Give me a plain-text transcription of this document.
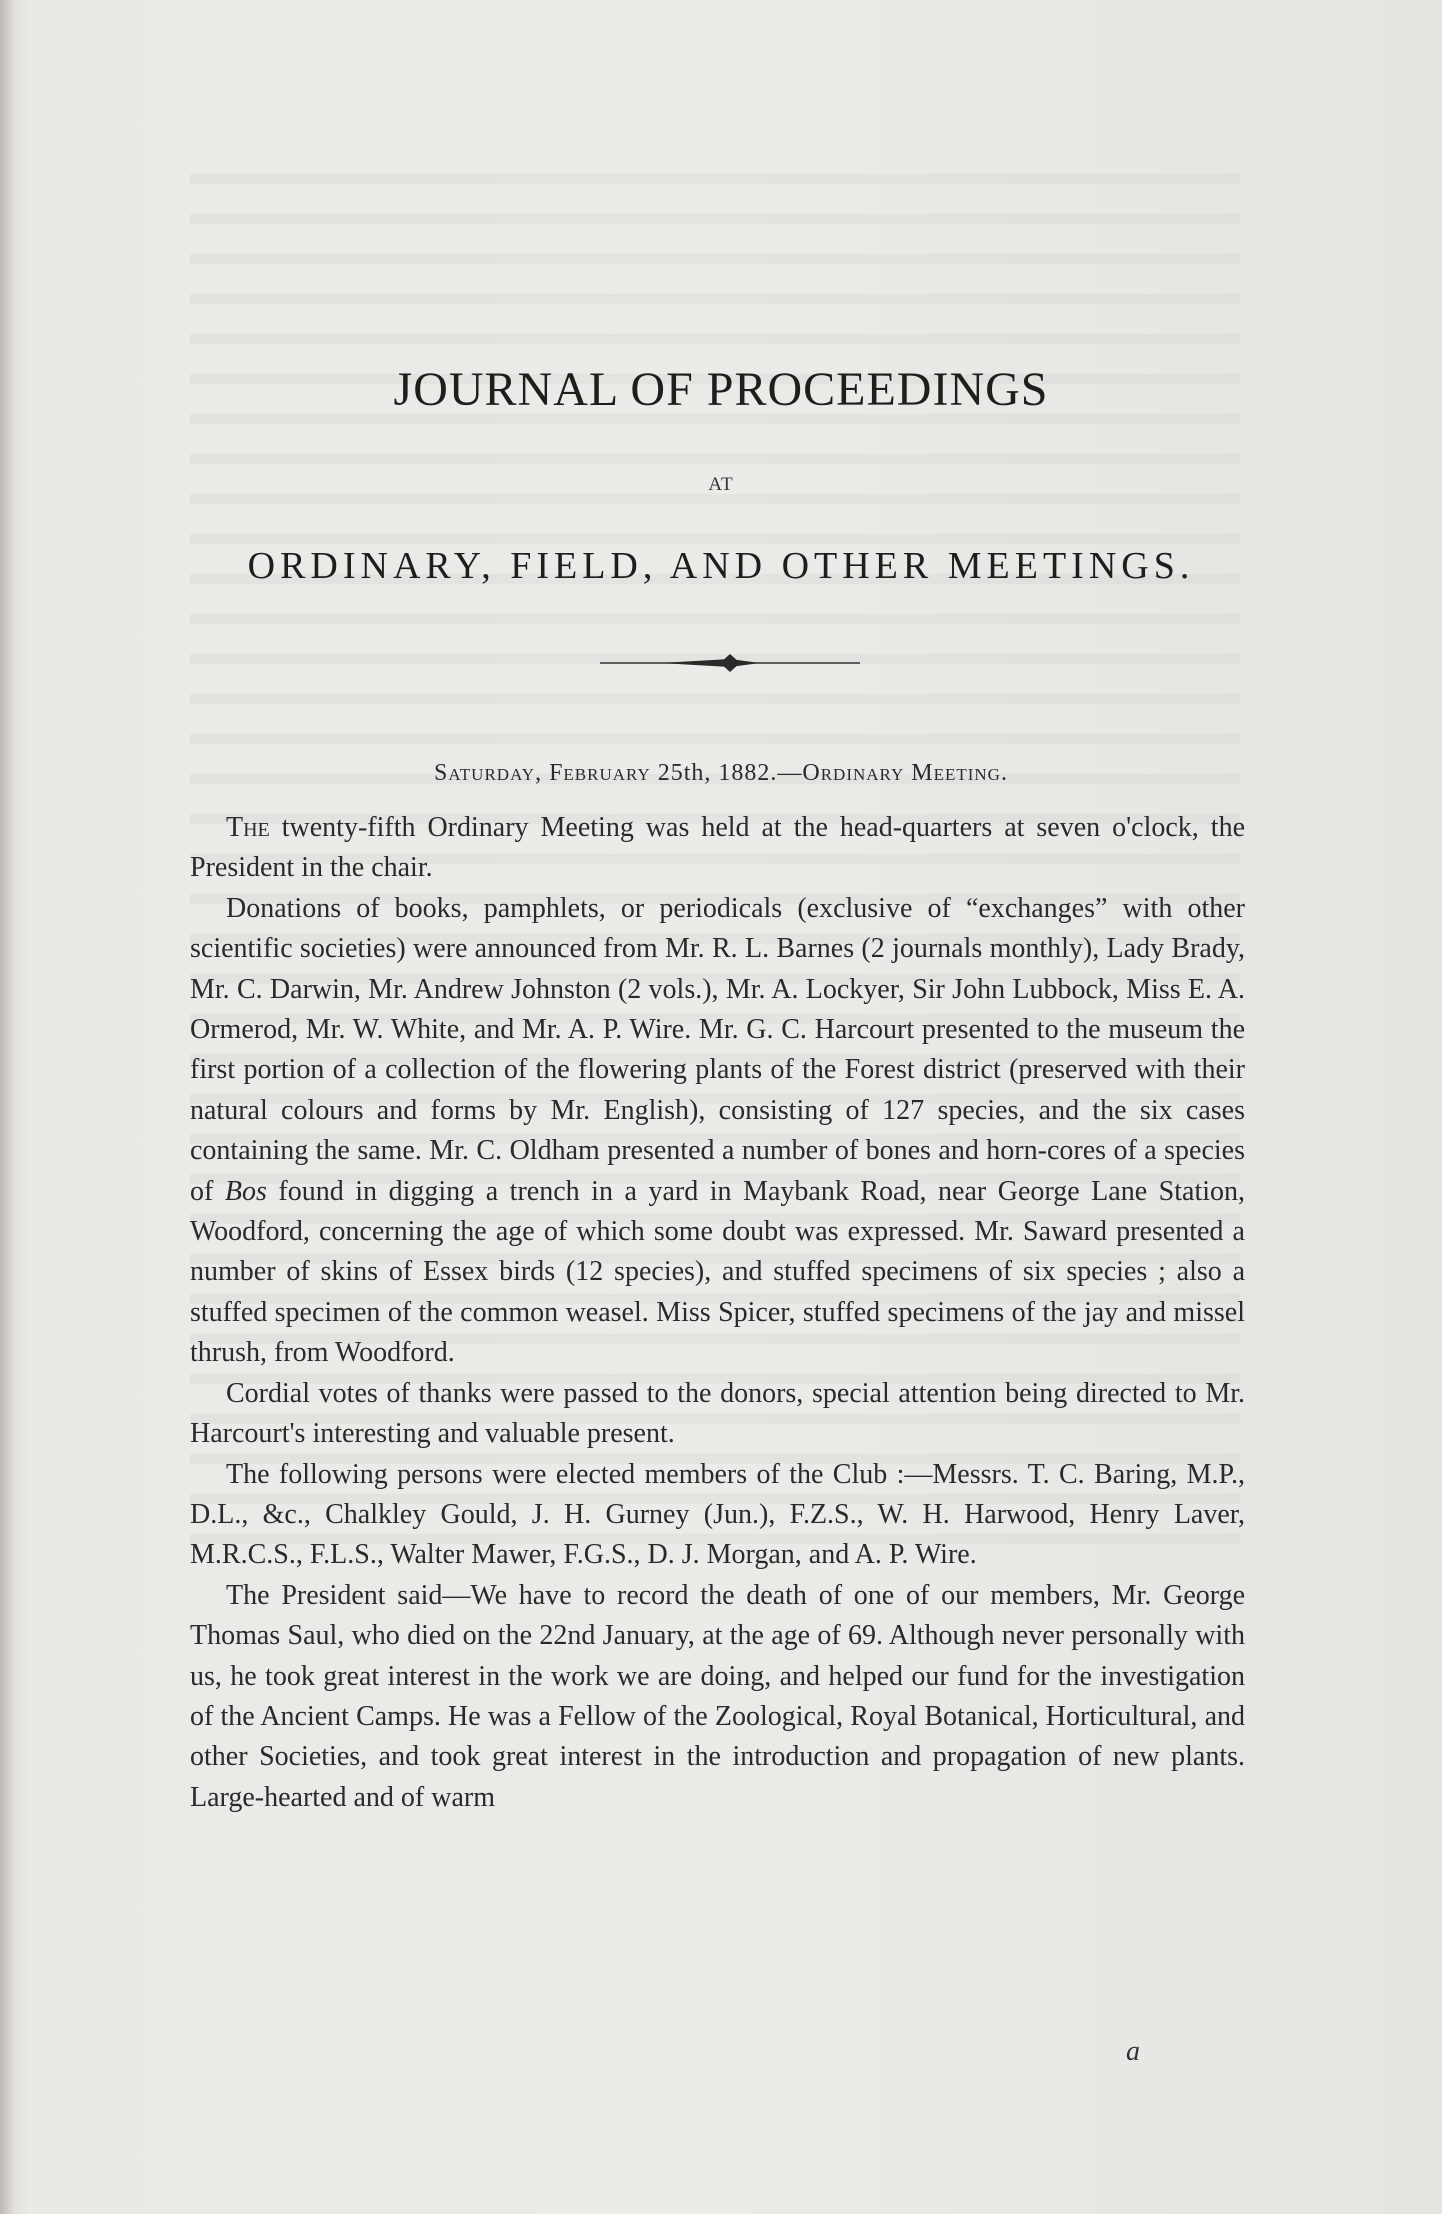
JOURNAL OF PROCEEDINGS
AT
ORDINARY, FIELD, AND OTHER MEETINGS.
Saturday, February 25th, 1882.—Ordinary Meeting.

The twenty-fifth Ordinary Meeting was held at the head-quarters at seven o'clock, the President in the chair.

Donations of books, pamphlets, or periodicals (exclusive of “exchanges” with other scientific societies) were announced from Mr. R. L. Barnes (2 journals monthly), Lady Brady, Mr. C. Darwin, Mr. Andrew Johnston (2 vols.), Mr. A. Lockyer, Sir John Lubbock, Miss E. A. Ormerod, Mr. W. White, and Mr. A. P. Wire. Mr. G. C. Harcourt presented to the museum the first portion of a collection of the flowering plants of the Forest district (preserved with their natural colours and forms by Mr. English), consisting of 127 species, and the six cases containing the same. Mr. C. Oldham presented a number of bones and horn-cores of a species of Bos found in digging a trench in a yard in Maybank Road, near George Lane Station, Woodford, concerning the age of which some doubt was expressed. Mr. Saward presented a number of skins of Essex birds (12 species), and stuffed specimens of six species ; also a stuffed specimen of the common weasel. Miss Spicer, stuffed specimens of the jay and missel thrush, from Woodford.

Cordial votes of thanks were passed to the donors, special attention being directed to Mr. Harcourt's interesting and valuable present.

The following persons were elected members of the Club :—Messrs. T. C. Baring, M.P., D.L., &c., Chalkley Gould, J. H. Gurney (Jun.), F.Z.S., W. H. Harwood, Henry Laver, M.R.C.S., F.L.S., Walter Mawer, F.G.S., D. J. Morgan, and A. P. Wire.

The President said—We have to record the death of one of our members, Mr. George Thomas Saul, who died on the 22nd January, at the age of 69. Although never personally with us, he took great interest in the work we are doing, and helped our fund for the investigation of the Ancient Camps. He was a Fellow of the Zoological, Royal Botanical, Horticultural, and other Societies, and took great interest in the introduction and propagation of new plants. Large-hearted and of warm

a
